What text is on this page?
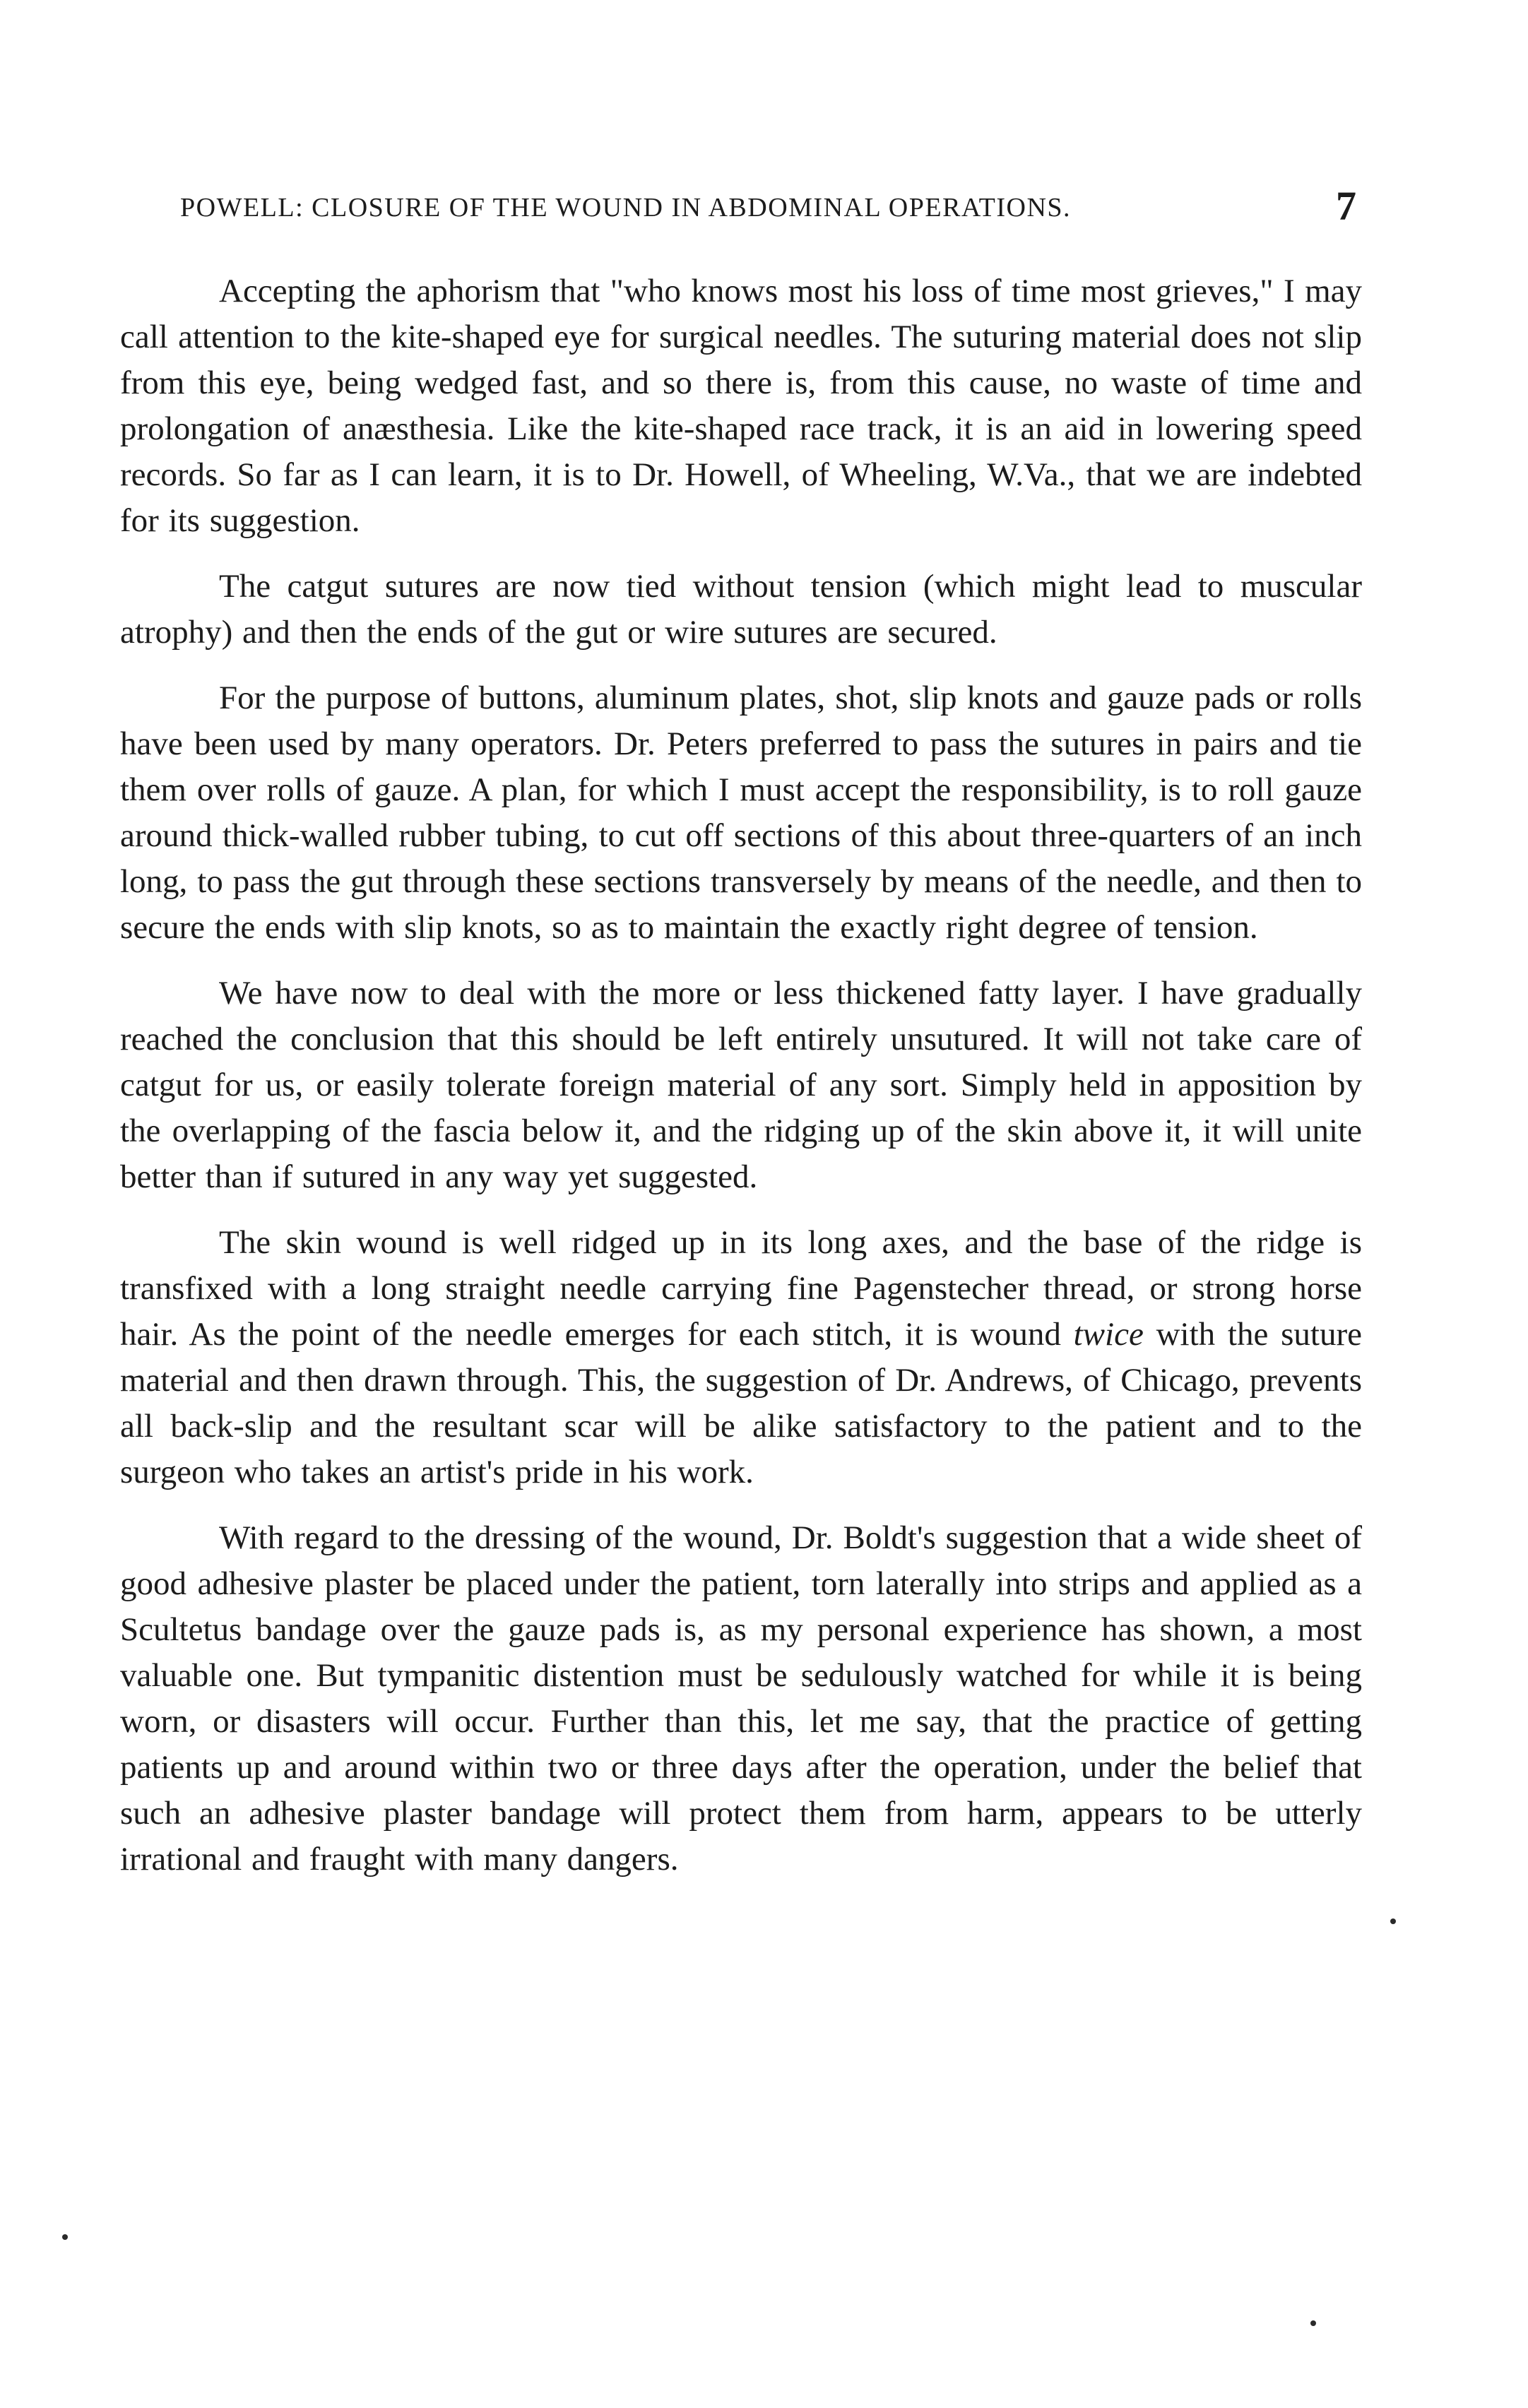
POWELL: CLOSURE OF THE WOUND IN ABDOMINAL OPERATIONS.	7

Accepting the aphorism that "who knows most his loss of time most grieves," I may call attention to the kite-shaped eye for surgical needles. The suturing material does not slip from this eye, being wedged fast, and so there is, from this cause, no waste of time and prolongation of anæsthesia. Like the kite-shaped race track, it is an aid in lowering speed records. So far as I can learn, it is to Dr. Howell, of Wheeling, W.Va., that we are indebted for its suggestion.

The catgut sutures are now tied without tension (which might lead to muscular atrophy) and then the ends of the gut or wire sutures are secured.

For the purpose of buttons, aluminum plates, shot, slip knots and gauze pads or rolls have been used by many operators. Dr. Peters preferred to pass the sutures in pairs and tie them over rolls of gauze. A plan, for which I must accept the responsibility, is to roll gauze around thick-walled rubber tubing, to cut off sections of this about three-quarters of an inch long, to pass the gut through these sections transversely by means of the needle, and then to secure the ends with slip knots, so as to maintain the exactly right degree of tension.

We have now to deal with the more or less thickened fatty layer. I have gradually reached the conclusion that this should be left entirely unsutured. It will not take care of catgut for us, or easily tolerate foreign material of any sort. Simply held in apposition by the overlapping of the fascia below it, and the ridging up of the skin above it, it will unite better than if sutured in any way yet suggested.

The skin wound is well ridged up in its long axes, and the base of the ridge is transfixed with a long straight needle carrying fine Pagenstecher thread, or strong horse hair. As the point of the needle emerges for each stitch, it is wound twice with the suture material and then drawn through. This, the suggestion of Dr. Andrews, of Chicago, prevents all back-slip and the resultant scar will be alike satisfactory to the patient and to the surgeon who takes an artist's pride in his work.

With regard to the dressing of the wound, Dr. Boldt's suggestion that a wide sheet of good adhesive plaster be placed under the patient, torn laterally into strips and applied as a Scultetus bandage over the gauze pads is, as my personal experience has shown, a most valuable one. But tympanitic distention must be sedulously watched for while it is being worn, or disasters will occur. Further than this, let me say, that the practice of getting patients up and around within two or three days after the operation, under the belief that such an adhesive plaster bandage will protect them from harm, appears to be utterly irrational and fraught with many dangers.
